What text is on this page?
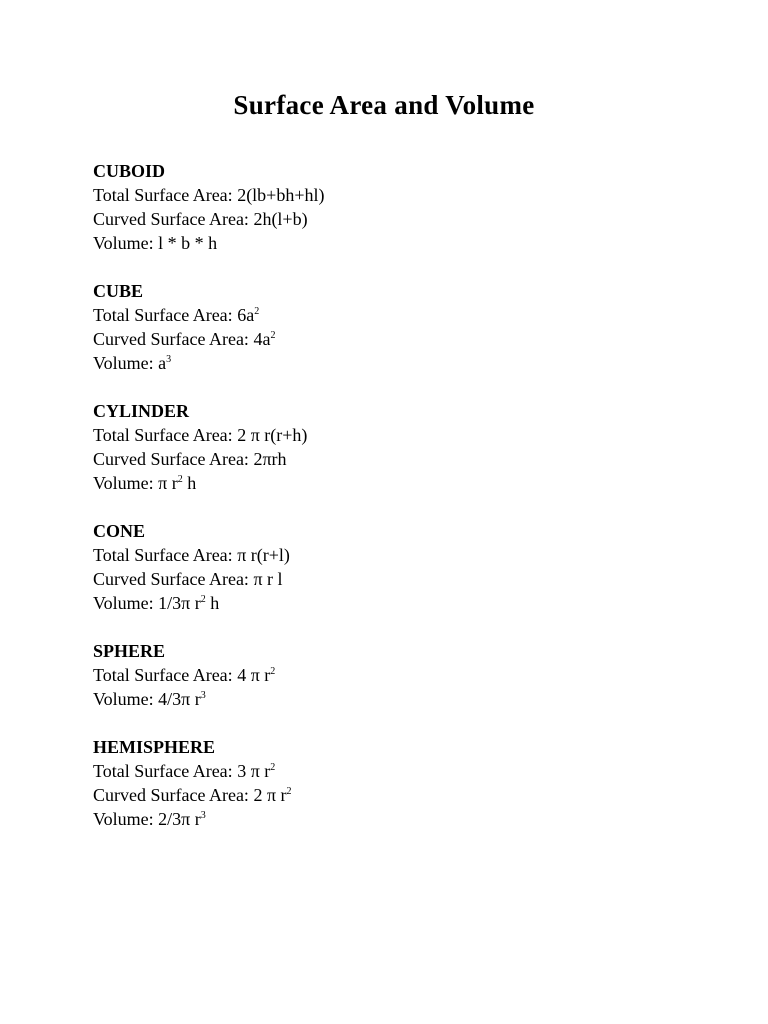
Surface Area and Volume
CUBOID
Total Surface Area: 2(lb+bh+hl)
Curved Surface Area: 2h(l+b)
Volume: l * b * h
CUBE
Total Surface Area: $6a^2$
Curved Surface Area: $4a^2$
Volume: $a^3$
CYLINDER
Total Surface Area: 2 π r(r+h)
Curved Surface Area: 2πrh
Volume: π $r^2$ h
CONE
Total Surface Area: π r(r+l)
Curved Surface Area: π r l
Volume: 1/3π $r^2$ h
SPHERE
Total Surface Area: 4 π $r^2$
Volume: 4/3π $r^3$
HEMISPHERE
Total Surface Area: 3 π $r^2$
Curved Surface Area: 2 π $r^2$
Volume: 2/3π $r^3$
